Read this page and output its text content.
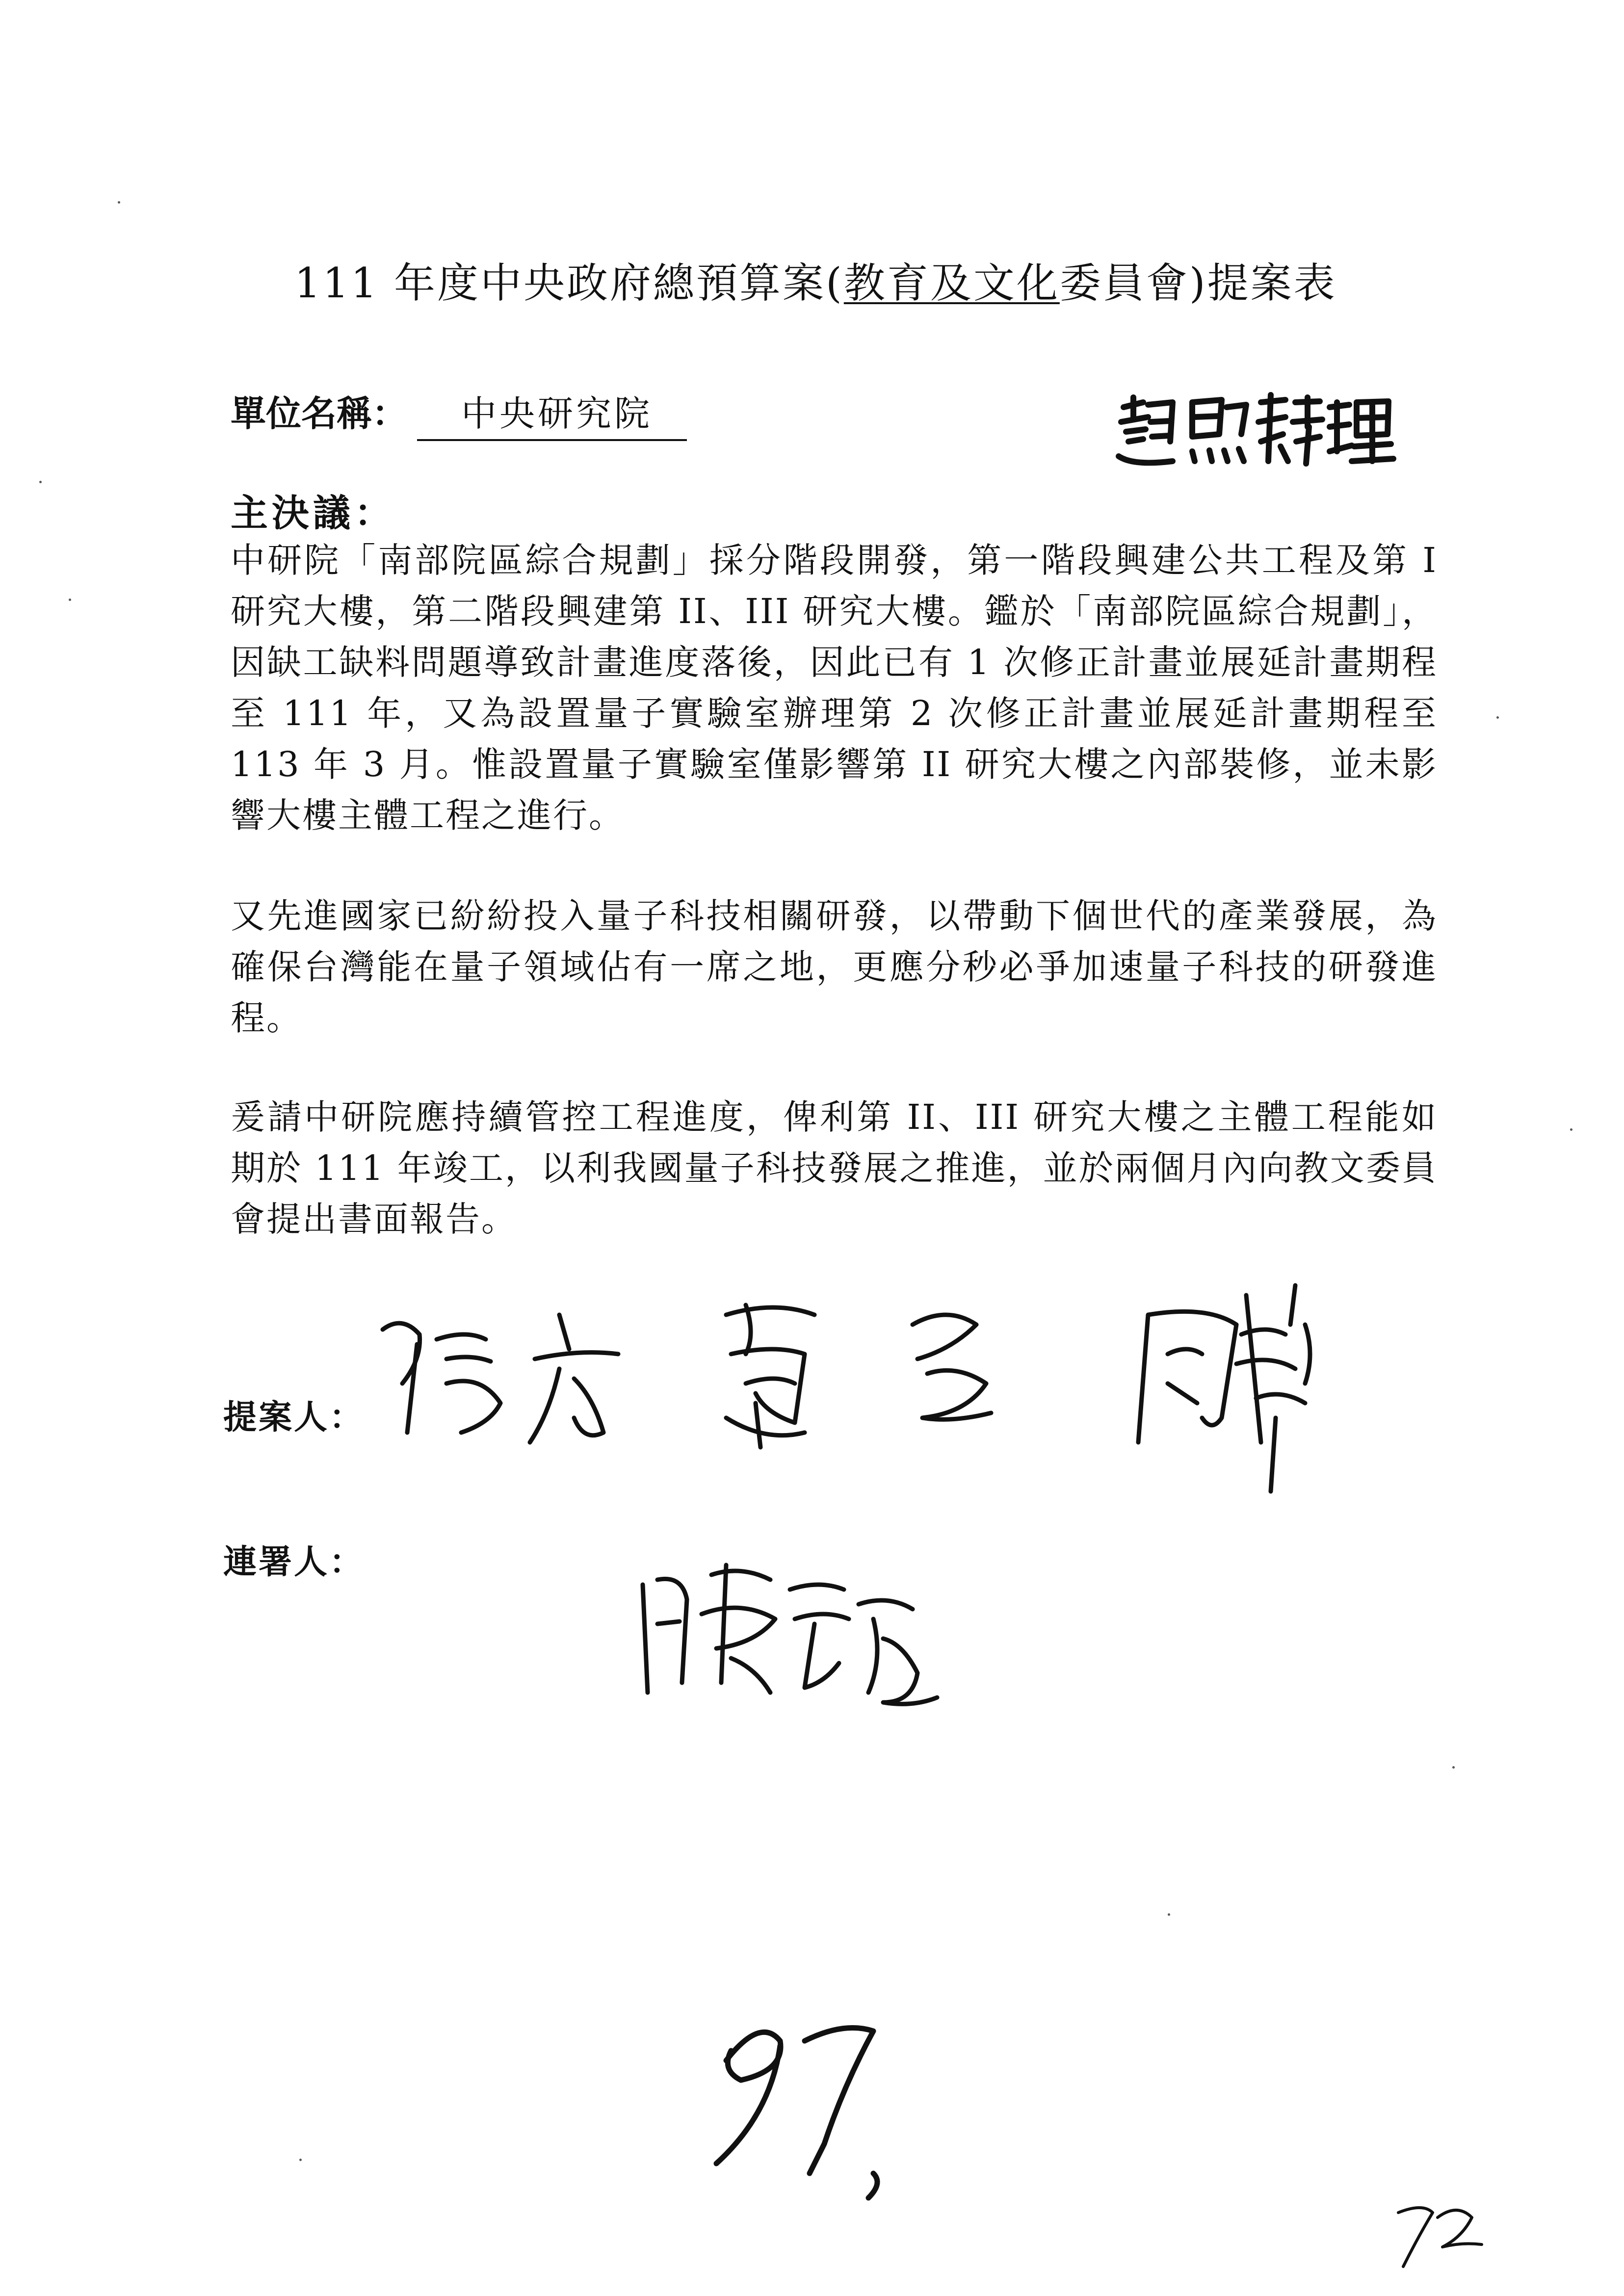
111 年度中央政府總預算案(教育及文化委員會)提案表
單位名稱： 中央研究院
主決議：
中研院「南部院區綜合規劃」採分階段開發，第一階段興建公共工程及第 I 研究大樓，第二階段興建第 II、III 研究大樓。鑑於「南部院區綜合規劃」，因缺工缺料問題導致計畫進度落後，因此已有 1 次修正計畫並展延計畫期程至 111 年，又為設置量子實驗室辦理第 2 次修正計畫並展延計畫期程至 113 年 3 月。惟設置量子實驗室僅影響第 II 研究大樓之內部裝修，並未影響大樓主體工程之進行。
又先進國家已紛紛投入量子科技相關研發，以帶動下個世代的產業發展，為確保台灣能在量子領域佔有一席之地，更應分秒必爭加速量子科技的研發進程。
爰請中研院應持續管控工程進度，俾利第 II、III 研究大樓之主體工程能如期於 111 年竣工，以利我國量子科技發展之推進，並於兩個月內向教文委員會提出書面報告。
提案人：
連署人：
